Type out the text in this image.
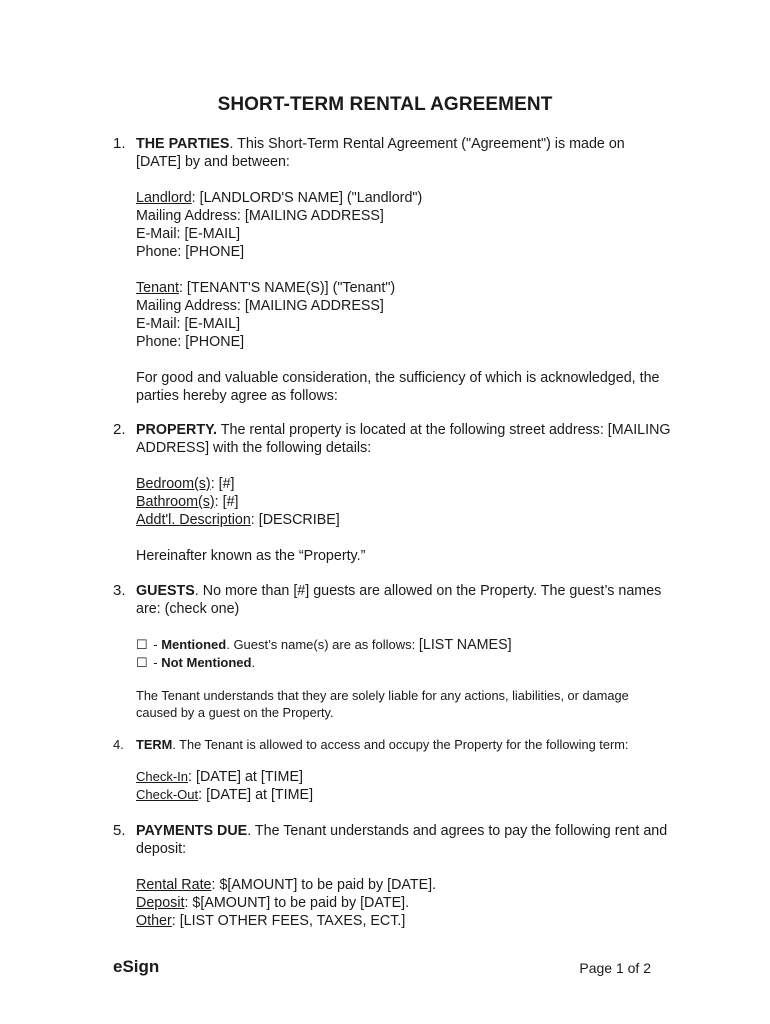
SHORT-TERM RENTAL AGREEMENT
1. THE PARTIES. This Short-Term Rental Agreement ("Agreement") is made on [DATE] by and between:

Landlord: [LANDLORD'S NAME] ("Landlord")

Mailing Address: [MAILING ADDRESS]

E-Mail: [E-MAIL]

Phone: [PHONE]

Tenant: [TENANT'S NAME(S)] ("Tenant")

Mailing Address: [MAILING ADDRESS]

E-Mail: [E-MAIL]

Phone: [PHONE]

For good and valuable consideration, the sufficiency of which is acknowledged, the parties hereby agree as follows:

2. PROPERTY. The rental property is located at the following street address: [MAILING ADDRESS] with the following details:

Bedroom(s): [#]

Bathroom(s): [#]

Addt'l. Description: [DESCRIBE]

Hereinafter known as the “Property.”

3. GUESTS. No more than [#] guests are allowed on the Property. The guest’s names are: (check one)

☐ - Mentioned. Guest’s name(s) are as follows: [LIST NAMES]

☐ - Not Mentioned.

The Tenant understands that they are solely liable for any actions, liabilities, or damage caused by a guest on the Property.

4. TERM. The Tenant is allowed to access and occupy the Property for the following term:

Check-In: [DATE] at [TIME]

Check-Out: [DATE] at [TIME]

5. PAYMENTS DUE. The Tenant understands and agrees to pay the following rent and deposit:

Rental Rate: $[AMOUNT] to be paid by [DATE].

Deposit: $[AMOUNT] to be paid by [DATE].

Other: [LIST OTHER FEES, TAXES, ECT.]

eSign	Page 1 of 2
